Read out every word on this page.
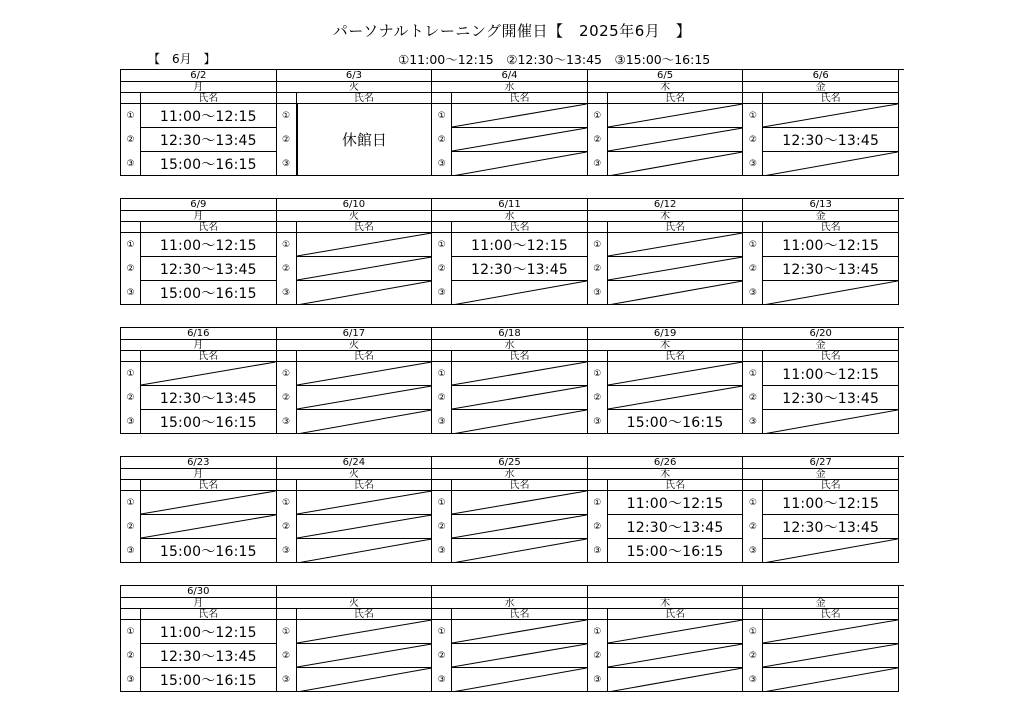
パーソナルトレーニング開催日【　2025年6月　】
【　6月　】	①11:00～12:15　②12:30～13:45　③15:00～16:15
6/2
月
氏名
①	11:00～12:15
②	12:30～13:45
③	15:00～16:15
6/3
火
氏名
①
②
③
休館日
6/4
水
氏名
①
②
③
6/5
木
氏名
①
②
③
6/6
金
氏名
①
②	12:30～13:45
③
6/9
月
氏名
①	11:00～12:15
②	12:30～13:45
③	15:00～16:15
6/10
火
氏名
①
②
③
6/11
水
氏名
①	11:00～12:15
②	12:30～13:45
③
6/12
木
氏名
①
②
③
6/13
金
氏名
①	11:00～12:15
②	12:30～13:45
③
6/16
月
氏名
①
②	12:30～13:45
③	15:00～16:15
6/17
火
氏名
①
②
③
6/18
水
氏名
①
②
③
6/19
木
氏名
①
②
③	15:00～16:15
6/20
金
氏名
①	11:00～12:15
②	12:30～13:45
③
6/23
月
氏名
①
②
③	15:00～16:15
6/24
火
氏名
①
②
③
6/25
水
氏名
①
②
③
6/26
木
氏名
①	11:00～12:15
②	12:30～13:45
③	15:00～16:15
6/27
金
氏名
①	11:00～12:15
②	12:30～13:45
③
6/30
月
氏名
①	11:00～12:15
②	12:30～13:45
③	15:00～16:15
火
氏名
①
②
③
水
氏名
①
②
③
木
氏名
①
②
③
金
氏名
①
②
③
